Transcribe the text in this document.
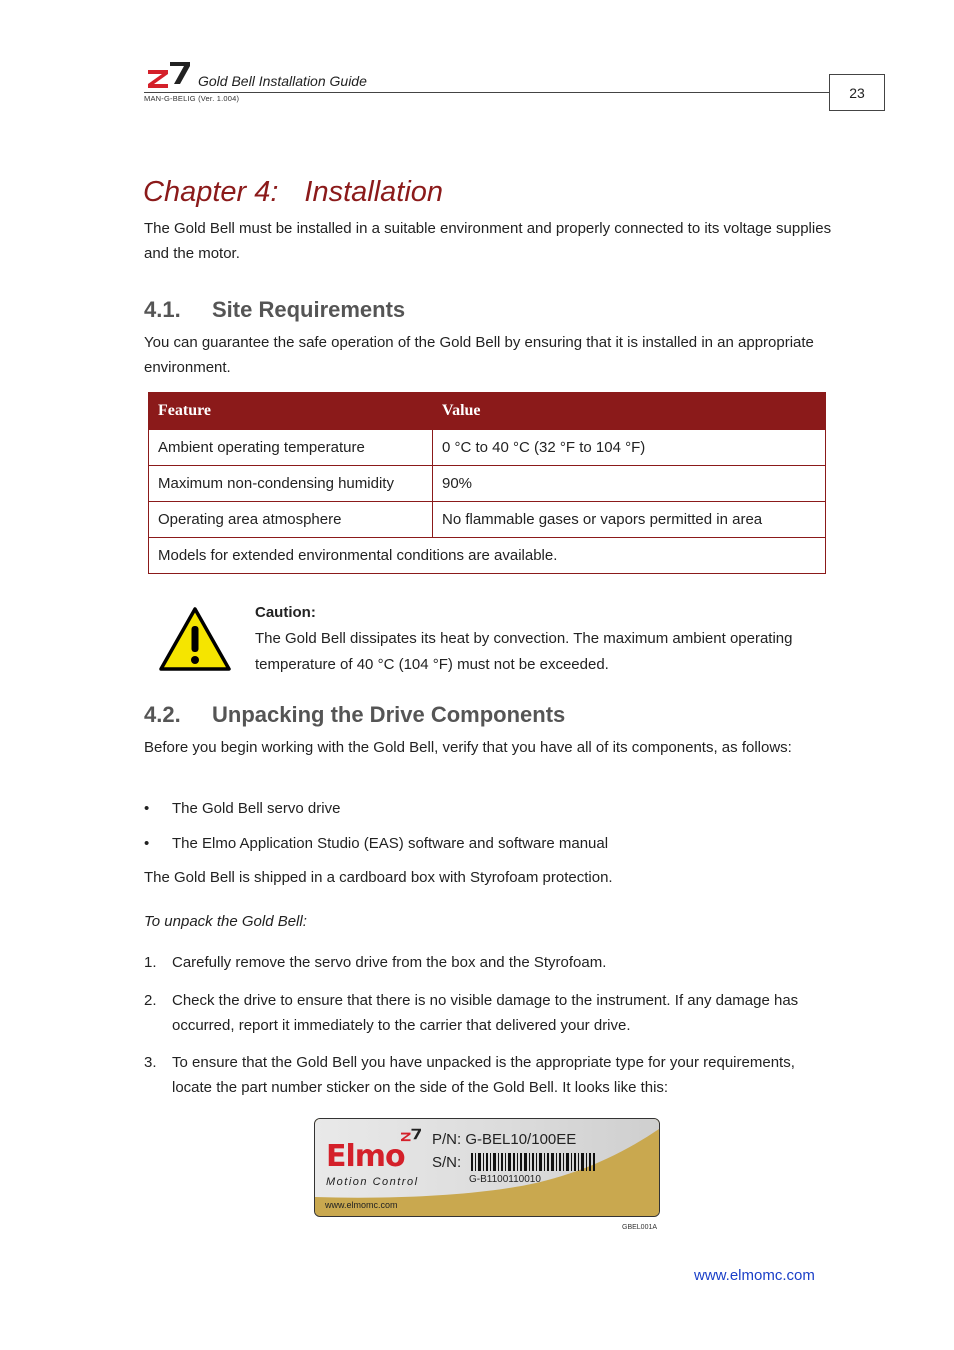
Gold Bell Installation Guide
MAN-G-BELIG (Ver. 1.004)	23
Chapter 4: Installation

The Gold Bell must be installed in a suitable environment and properly connected to its voltage supplies and the motor.

4.1. Site Requirements

You can guarantee the safe operation of the Gold Bell by ensuring that it is installed in an appropriate environment.

Feature	Value
Ambient operating temperature	0 °C to 40 °C (32 °F to 104 °F)
Maximum non-condensing humidity	90%
Operating area atmosphere	No flammable gases or vapors permitted in area
Models for extended environmental conditions are available.	
Caution:
The Gold Bell dissipates its heat by convection. The maximum ambient operating temperature of 40 °C (104 °F) must not be exceeded.
4.2. Unpacking the Drive Components

Before you begin working with the Gold Bell, verify that you have all of its components, as follows:

• The Gold Bell servo drive
• The Elmo Application Studio (EAS) software and software manual

The Gold Bell is shipped in a cardboard box with Styrofoam protection.

To unpack the Gold Bell:

1. Carefully remove the servo drive from the box and the Styrofoam.
2. Check the drive to ensure that there is no visible damage to the instrument. If any damage has occurred, report it immediately to the carrier that delivered your drive.
3. To ensure that the Gold Bell you have unpacked is the appropriate type for your requirements, locate the part number sticker on the side of the Gold Bell. It looks like this:
Elmo
Motion Control
P/N: G-BEL10/100EE
S/N:
G-B1100110010
www.elmomc.com
GBEL001A
www.elmomc.com
